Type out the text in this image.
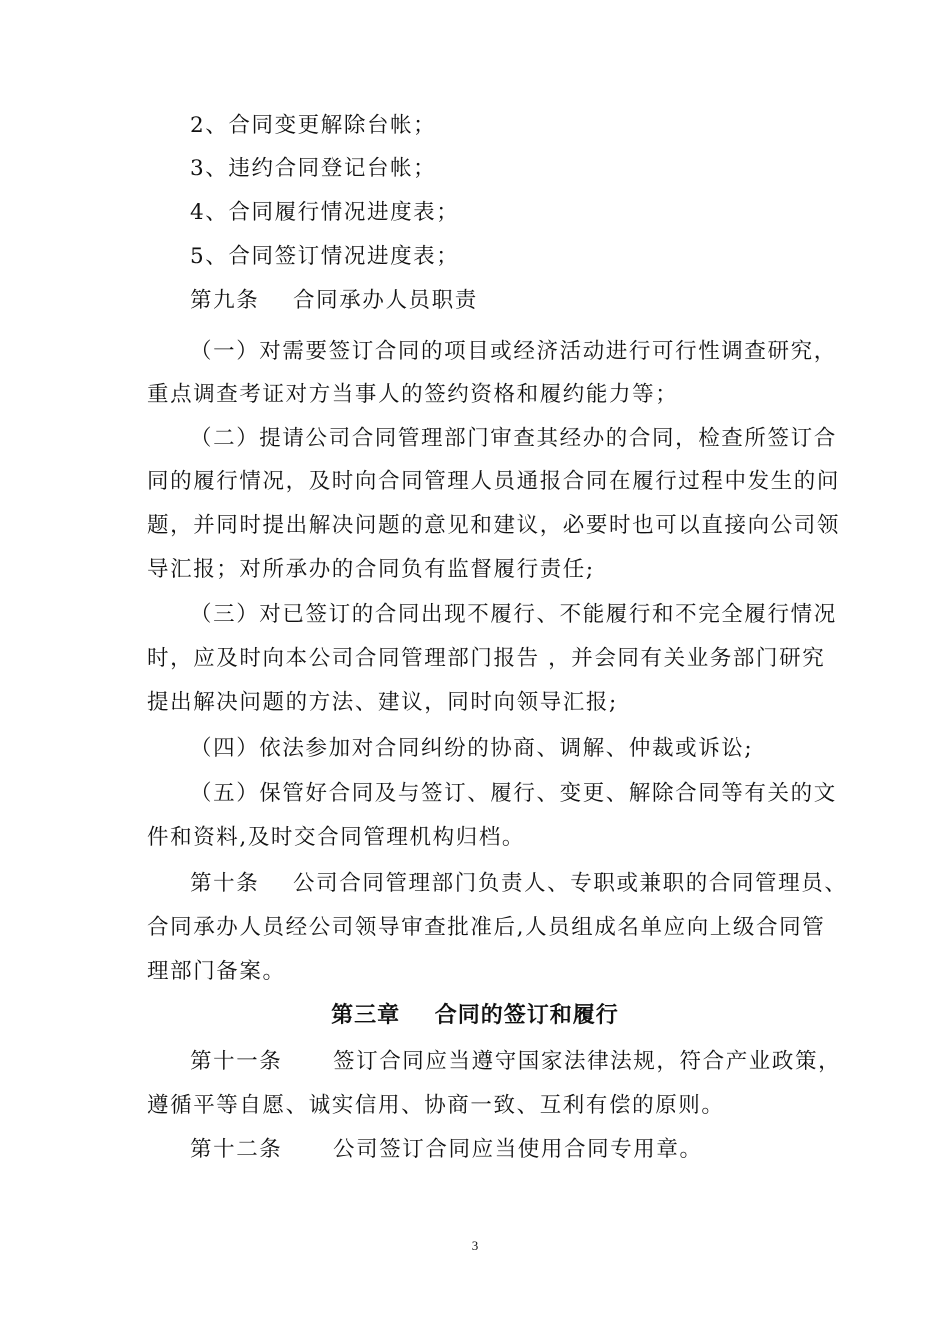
2、合同变更解除台帐；
3、违约合同登记台帐；
4、合同履行情况进度表；
5、合同签订情况进度表；
第九条    合同承办人员职责
（一）对需要签订合同的项目或经济活动进行可行性调查研究，
重点调查考证对方当事人的签约资格和履约能力等；
（二）提请公司合同管理部门审查其经办的合同，检查所签订合
同的履行情况，及时向合同管理人员通报合同在履行过程中发生的问
题，并同时提出解决问题的意见和建议，必要时也可以直接向公司领
导汇报；对所承办的合同负有监督履行责任;
（三）对已签订的合同出现不履行、不能履行和不完全履行情况
时，应及时向本公司合同管理部门报告 ，并会同有关业务部门研究
提出解决问题的方法、建议，同时向领导汇报;
（四）依法参加对合同纠纷的协商、调解、仲裁或诉讼;
（五）保管好合同及与签订、履行、变更、解除合同等有关的文
件和资料,及时交合同管理机构归档。
第十条    公司合同管理部门负责人、专职或兼职的合同管理员、
合同承办人员经公司领导审查批准后,人员组成名单应向上级合同管
理部门备案。
第三章    合同的签订和履行
第十一条      签订合同应当遵守国家法律法规，符合产业政策，
遵循平等自愿、诚实信用、协商一致、互利有偿的原则。
第十二条      公司签订合同应当使用合同专用章。
3
